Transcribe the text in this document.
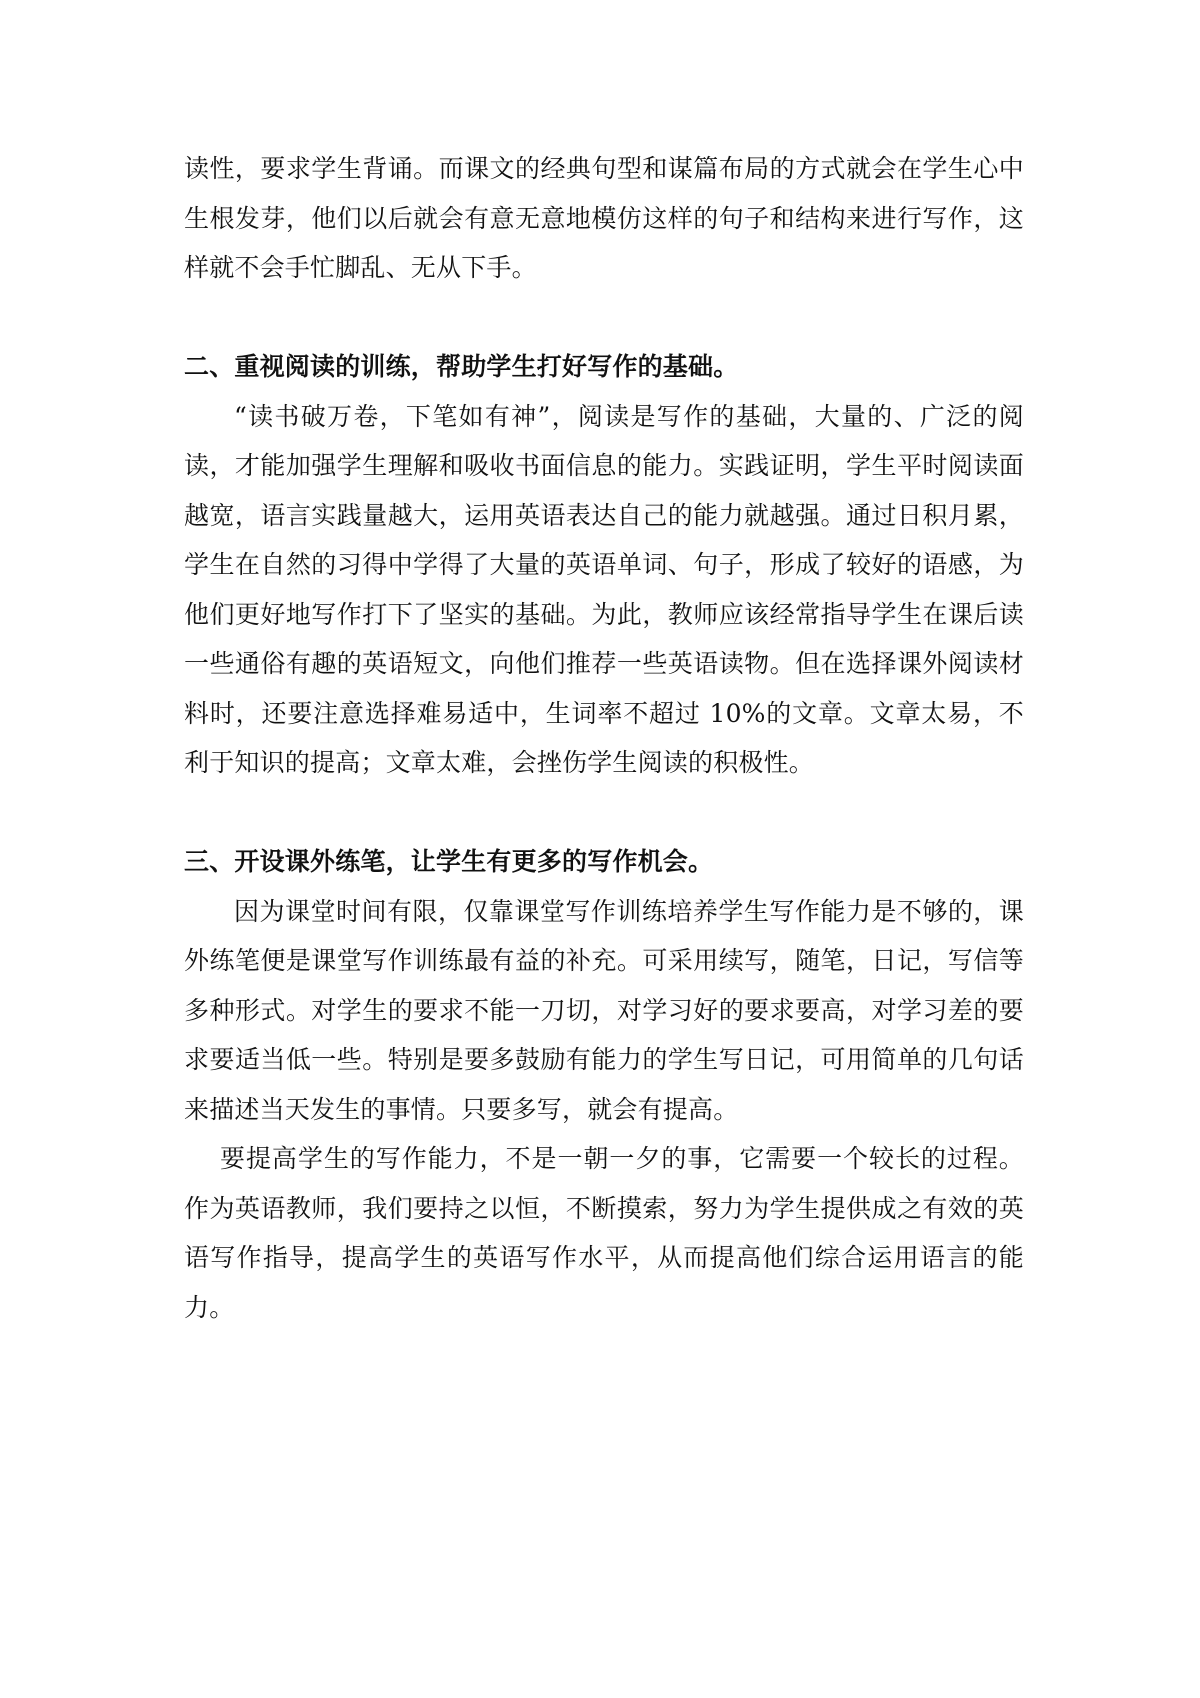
读性，要求学生背诵。而课文的经典句型和谋篇布局的方式就会在学生心中生根发芽，他们以后就会有意无意地模仿这样的句子和结构来进行写作，这样就不会手忙脚乱、无从下手。

二、重视阅读的训练，帮助学生打好写作的基础。

“读书破万卷，下笔如有神”，阅读是写作的基础，大量的、广泛的阅读，才能加强学生理解和吸收书面信息的能力。实践证明，学生平时阅读面越宽，语言实践量越大，运用英语表达自己的能力就越强。通过日积月累，学生在自然的习得中学得了大量的英语单词、句子，形成了较好的语感，为他们更好地写作打下了坚实的基础。为此，教师应该经常指导学生在课后读一些通俗有趣的英语短文，向他们推荐一些英语读物。但在选择课外阅读材料时，还要注意选择难易适中，生词率不超过 10%的文章。文章太易，不利于知识的提高；文章太难，会挫伤学生阅读的积极性。

三、开设课外练笔，让学生有更多的写作机会。

因为课堂时间有限，仅靠课堂写作训练培养学生写作能力是不够的，课外练笔便是课堂写作训练最有益的补充。可采用续写，随笔，日记，写信等多种形式。对学生的要求不能一刀切，对学习好的要求要高，对学习差的要求要适当低一些。特别是要多鼓励有能力的学生写日记，可用简单的几句话来描述当天发生的事情。只要多写，就会有提高。

要提高学生的写作能力，不是一朝一夕的事，它需要一个较长的过程。作为英语教师，我们要持之以恒，不断摸索，努力为学生提供成之有效的英语写作指导，提高学生的英语写作水平，从而提高他们综合运用语言的能力。
